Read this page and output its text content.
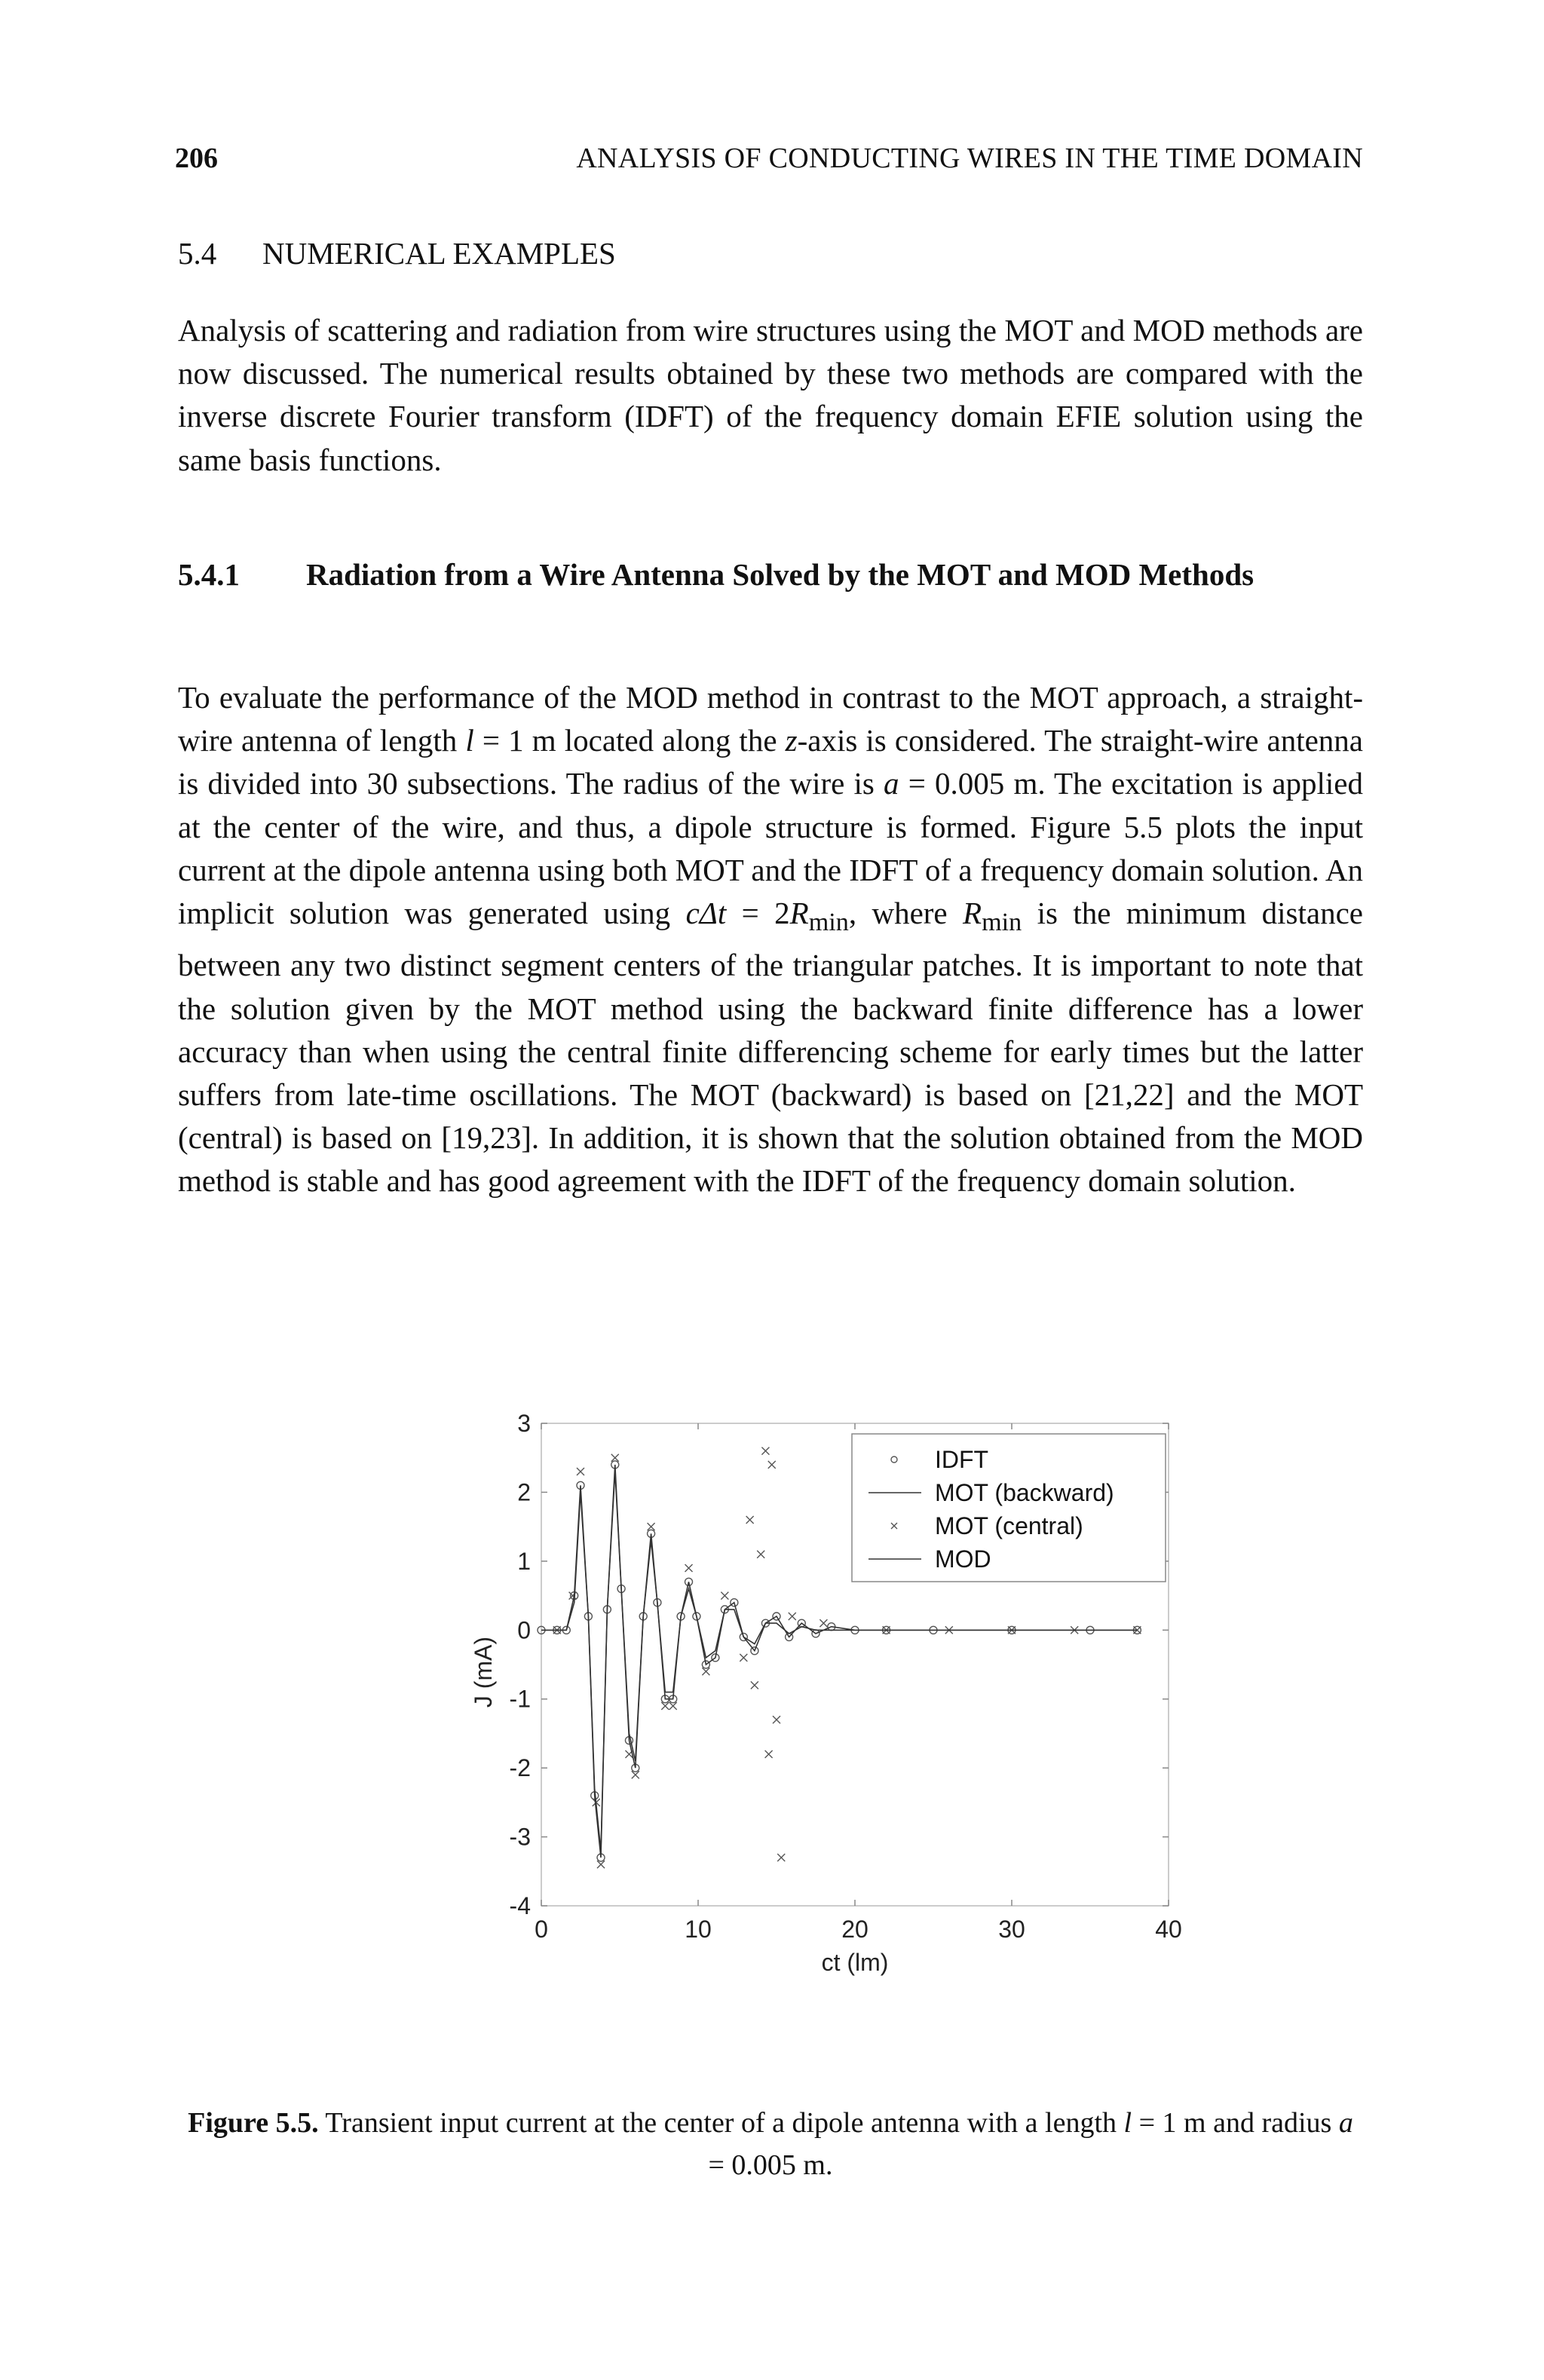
206	ANALYSIS OF CONDUCTING WIRES IN THE TIME DOMAIN
5.4 NUMERICAL EXAMPLES

Analysis of scattering and radiation from wire structures using the MOT and MOD methods are now discussed. The numerical results obtained by these two methods are compared with the inverse discrete Fourier transform (IDFT) of the frequency domain EFIE solution using the same basis functions.

5.4.1 Radiation from a Wire Antenna Solved by the MOT and MOD Methods

To evaluate the performance of the MOD method in contrast to the MOT approach, a straight-wire antenna of length l = 1 m located along the z-axis is considered. The straight-wire antenna is divided into 30 subsections. The radius of the wire is a = 0.005 m. The excitation is applied at the center of the wire, and thus, a dipole structure is formed. Figure 5.5 plots the input current at the dipole antenna using both MOT and the IDFT of a frequency domain solution. An implicit solution was generated using $c\Delta t = 2R_{min}$, where $R_{min}$ is the minimum distance between any two distinct segment centers of the triangular patches. It is important to note that the solution given by the MOT method using the backward finite difference has a lower accuracy than when using the central finite differencing scheme for early times but the latter suffers from late-time oscillations. The MOT (backward) is based on [21,22] and the MOT (central) is based on [19,23]. In addition, it is shown that the solution obtained from the MOD method is stable and has good agreement with the IDFT of the frequency domain solution.

0	10	20	30	40
3
2
1
0
-1
-2
-3
-4
ct (lm)
J (mA)
IDFT
MOT (backward)
MOT (central)
MOD
Figure 5.5. Transient input current at the center of a dipole antenna with a length l = 1 m and radius a = 0.005 m.
